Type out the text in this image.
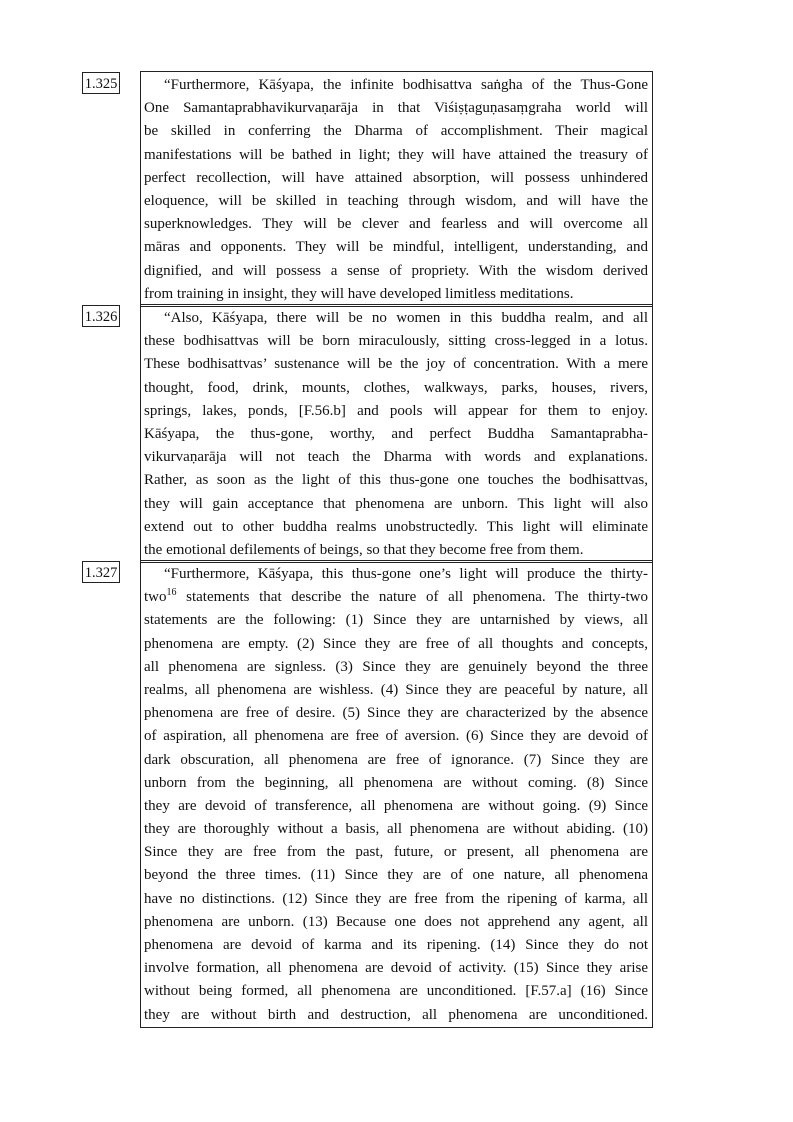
1.325	“Furthermore, Kāśyapa, the infinite bodhisattva saṅgha of the Thus-Gone
One Samantaprabhavikurvaṇarāja in that Viśiṣṭaguṇasaṃgraha world will
be skilled in conferring the Dharma of accomplishment. Their magical
manifestations will be bathed in light; they will have attained the treasury of
perfect recollection, will have attained absorption, will possess unhindered
eloquence, will be skilled in teaching through wisdom, and will have the
superknowledges. They will be clever and fearless and will overcome all
māras and opponents. They will be mindful, intelligent, understanding, and
dignified, and will possess a sense of propriety. With the wisdom derived
from training in insight, they will have developed limitless meditations.
1.326	“Also, Kāśyapa, there will be no women in this buddha realm, and all
these bodhisattvas will be born miraculously, sitting cross-legged in a lotus.
These bodhisattvas’ sustenance will be the joy of concentration. With a mere
thought, food, drink, mounts, clothes, walkways, parks, houses, rivers,
springs, lakes, ponds, [F.56.b] and pools will appear for them to enjoy.
Kāśyapa, the thus-gone, worthy, and perfect Buddha Samantaprabha-
vikurvaṇarāja will not teach the Dharma with words and explanations.
Rather, as soon as the light of this thus-gone one touches the bodhisattvas,
they will gain acceptance that phenomena are unborn. This light will also
extend out to other buddha realms unobstructedly. This light will eliminate
the emotional defilements of beings, so that they become free from them.
1.327	“Furthermore, Kāśyapa, this thus-gone one’s light will produce the thirty-
two$^{16}$ statements that describe the nature of all phenomena. The thirty-two
statements are the following: (1) Since they are untarnished by views, all
phenomena are empty. (2) Since they are free of all thoughts and concepts,
all phenomena are signless. (3) Since they are genuinely beyond the three
realms, all phenomena are wishless. (4) Since they are peaceful by nature, all
phenomena are free of desire. (5) Since they are characterized by the absence
of aspiration, all phenomena are free of aversion. (6) Since they are devoid of
dark obscuration, all phenomena are free of ignorance. (7) Since they are
unborn from the beginning, all phenomena are without coming. (8) Since
they are devoid of transference, all phenomena are without going. (9) Since
they are thoroughly without a basis, all phenomena are without abiding. (10)
Since they are free from the past, future, or present, all phenomena are
beyond the three times. (11) Since they are of one nature, all phenomena
have no distinctions. (12) Since they are free from the ripening of karma, all
phenomena are unborn. (13) Because one does not apprehend any agent, all
phenomena are devoid of karma and its ripening. (14) Since they do not
involve formation, all phenomena are devoid of activity. (15) Since they arise
without being formed, all phenomena are unconditioned. [F.57.a] (16) Since
they are without birth and destruction, all phenomena are unconditioned.
